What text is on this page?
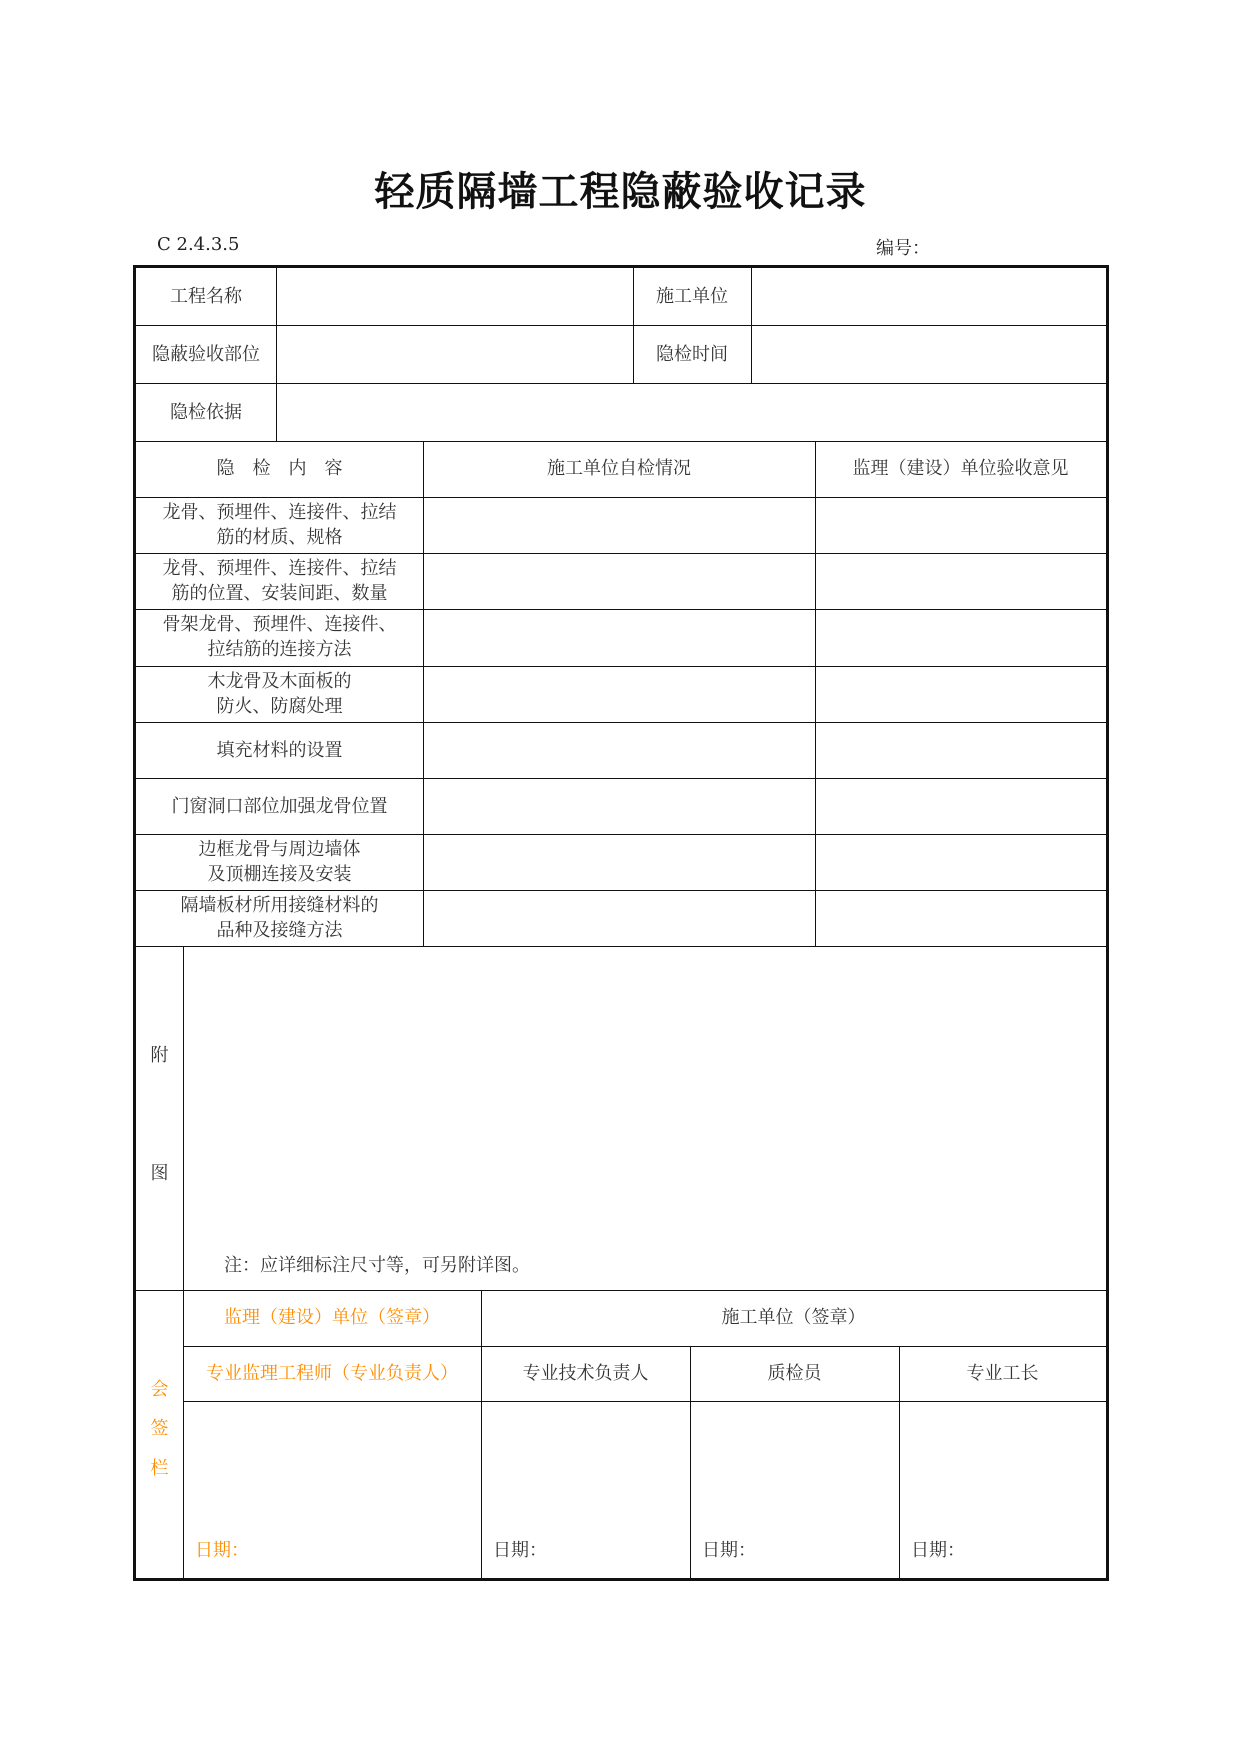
轻质隔墙工程隐蔽验收记录
C 2.4.3.5	编号：
工程名称	施工单位
隐蔽验收部位	隐检时间
隐检依据
隐　检　内　容	施工单位自检情况	监理（建设）单位验收意见
龙骨、预埋件、连接件、拉结
筋的材质、规格
龙骨、预埋件、连接件、拉结
筋的位置、安装间距、数量
骨架龙骨、预埋件、连接件、
拉结筋的连接方法
木龙骨及木面板的
防火、防腐处理
填充材料的设置
门窗洞口部位加强龙骨位置
边框龙骨与周边墙体
及顶棚连接及安装
隔墙板材所用接缝材料的
品种及接缝方法
附
图
注：应详细标注尺寸等，可另附详图。
会
签
栏
监理（建设）单位（签章）	施工单位（签章）
专业监理工程师（专业负责人）	专业技术负责人	质检员	专业工长
日期：	日期：	日期：	日期：
